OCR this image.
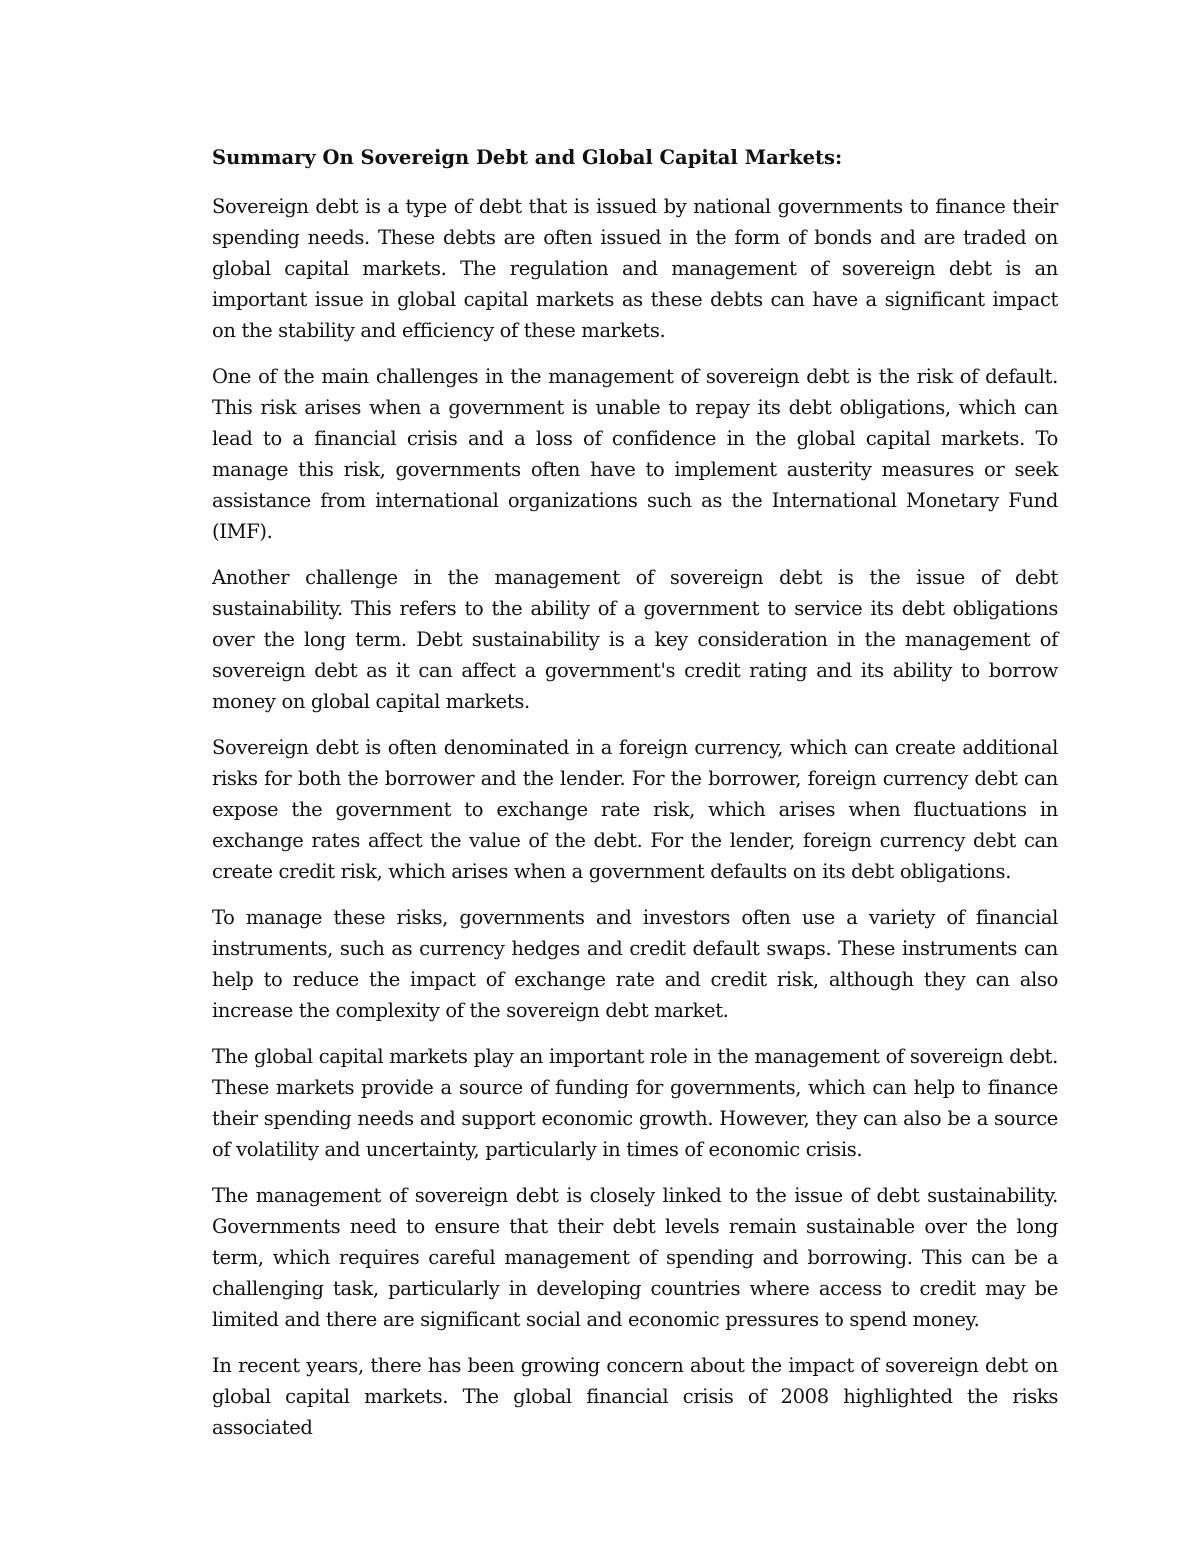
Summary On Sovereign Debt and Global Capital Markets:

Sovereign debt is a type of debt that is issued by national governments to finance their spending needs. These debts are often issued in the form of bonds and are traded on global capital markets. The regulation and management of sovereign debt is an important issue in global capital markets as these debts can have a significant impact on the stability and efficiency of these markets.

One of the main challenges in the management of sovereign debt is the risk of default. This risk arises when a government is unable to repay its debt obligations, which can lead to a financial crisis and a loss of confidence in the global capital markets. To manage this risk, governments often have to implement austerity measures or seek assistance from international organizations such as the International Monetary Fund (IMF).

Another challenge in the management of sovereign debt is the issue of debt sustainability. This refers to the ability of a government to service its debt obligations over the long term. Debt sustainability is a key consideration in the management of sovereign debt as it can affect a government's credit rating and its ability to borrow money on global capital markets.

Sovereign debt is often denominated in a foreign currency, which can create additional risks for both the borrower and the lender. For the borrower, foreign currency debt can expose the government to exchange rate risk, which arises when fluctuations in exchange rates affect the value of the debt. For the lender, foreign currency debt can create credit risk, which arises when a government defaults on its debt obligations.

To manage these risks, governments and investors often use a variety of financial instruments, such as currency hedges and credit default swaps. These instruments can help to reduce the impact of exchange rate and credit risk, although they can also increase the complexity of the sovereign debt market.

The global capital markets play an important role in the management of sovereign debt. These markets provide a source of funding for governments, which can help to finance their spending needs and support economic growth. However, they can also be a source of volatility and uncertainty, particularly in times of economic crisis.

The management of sovereign debt is closely linked to the issue of debt sustainability. Governments need to ensure that their debt levels remain sustainable over the long term, which requires careful management of spending and borrowing. This can be a challenging task, particularly in developing countries where access to credit may be limited and there are significant social and economic pressures to spend money.

In recent years, there has been growing concern about the impact of sovereign debt on global capital markets. The global financial crisis of 2008 highlighted the risks associated
